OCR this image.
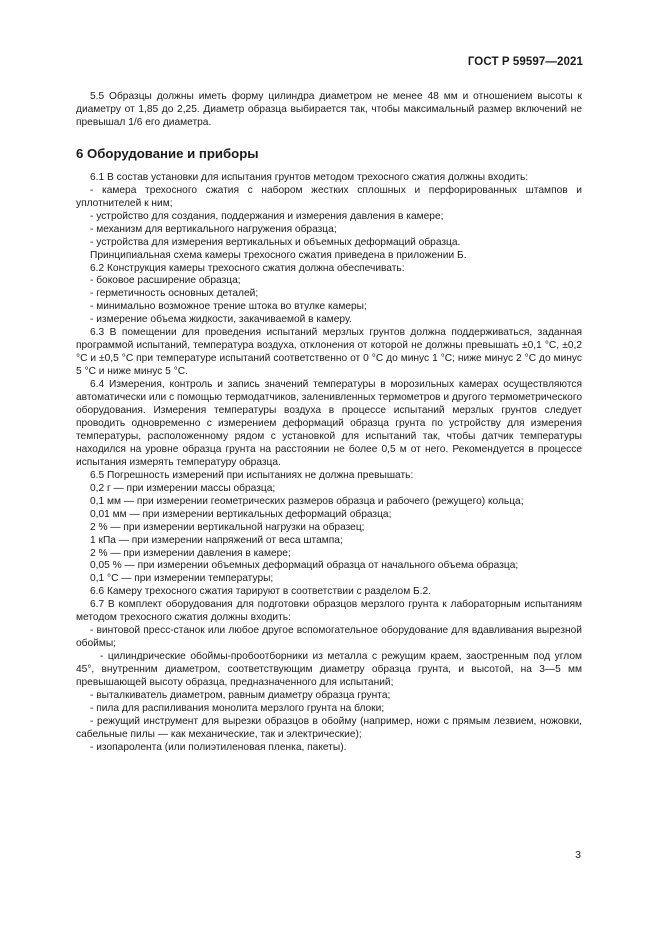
ГОСТ Р 59597—2021

5.5 Образцы должны иметь форму цилиндра диаметром не менее 48 мм и отношением высоты к диаметру от 1,85 до 2,25. Диаметр образца выбирается так, чтобы максимальный размер включений не превышал 1/6 его диаметра.

6 Оборудование и приборы

6.1 В состав установки для испытания грунтов методом трехосного сжатия должны входить:

- камера трехосного сжатия с набором жестких сплошных и перфорированных штампов и уплотнителей к ним;

- устройство для создания, поддержания и измерения давления в камере;

- механизм для вертикального нагружения образца;

- устройства для измерения вертикальных и объемных деформаций образца.

Принципиальная схема камеры трехосного сжатия приведена в приложении Б.

6.2 Конструкция камеры трехосного сжатия должна обеспечивать:

- боковое расширение образца;

- герметичность основных деталей;

- минимально возможное трение штока во втулке камеры;

- измерение объема жидкости, закачиваемой в камеру.

6.3 В помещении для проведения испытаний мерзлых грунтов должна поддерживаться, заданная программой испытаний, температура воздуха, отклонения от которой не должны превышать ±0,1 °С, ±0,2 °С и ±0,5 °С при температуре испытаний соответственно от 0 °С до минус 1 °С; ниже минус 2 °С до минус 5 °С и ниже минус 5 °С.

6.4 Измерения, контроль и запись значений температуры в морозильных камерах осуществляются автоматически или с помощью термодатчиков, заленивленных термометров и другого термометрического оборудования. Измерения температуры воздуха в процессе испытаний мерзлых грунтов следует проводить одновременно с измерением деформаций образца грунта по устройству для измерения температуры, расположенному рядом с установкой для испытаний так, чтобы датчик температуры находился на уровне образца грунта на расстоянии не более 0,5 м от него. Рекомендуется в процессе испытания измерять температуру образца.

6.5 Погрешность измерений при испытаниях не должна превышать:

0,2 г — при измерении массы образца;

0,1 мм — при измерении геометрических размеров образца и рабочего (режущего) кольца;

0,01 мм — при измерении вертикальных деформаций образца;

2 % — при измерении вертикальной нагрузки на образец;

1 кПа — при измерении напряжений от веса штампа;

2 % — при измерении давления в камере;

0,05 % — при измерении объемных деформаций образца от начального объема образца;

0,1 °С — при измерении температуры;

6.6 Камеру трехосного сжатия тарируют в соответствии с разделом Б.2.

6.7 В комплект оборудования для подготовки образцов мерзлого грунта к лабораторным испытаниям методом трехосного сжатия должны входить:

- винтовой пресс-станок или любое другое вспомогательное оборудование для вдавливания вырезной обоймы;

- цилиндрические обоймы-пробоотборники из металла с режущим краем, заостренным под углом 45°, внутренним диаметром, соответствующим диаметру образца грунта, и высотой, на 3—5 мм превышающей высоту образца, предназначенного для испытаний;

- выталкиватель диаметром, равным диаметру образца грунта;

- пила для распиливания монолита мерзлого грунта на блоки;

- режущий инструмент для вырезки образцов в обойму (например, ножи с прямым лезвием, ножовки, сабельные пилы — как механические, так и электрические);

- изопаролента (или полиэтиленовая пленка, пакеты).

3
